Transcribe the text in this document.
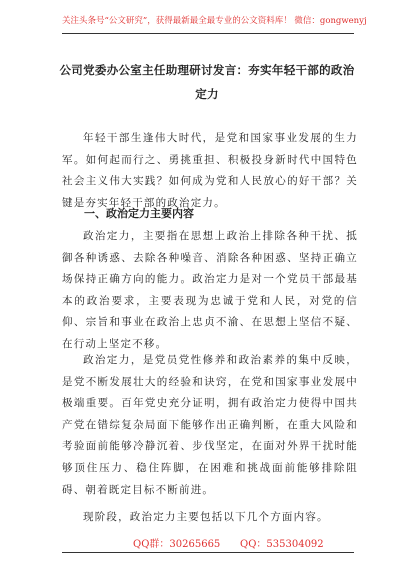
关注头条号“公文研究”，获得最新最全最专业的公文资料库！ 微信：gongwenyj
公司党委办公室主任助理研讨发言：夯实年轻干部的政治
定力
年轻干部生逢伟大时代，是党和国家事业发展的生力军。如何起而行之、勇挑重担、积极投身新时代中国特色社会主义伟大实践？如何成为党和人民放心的好干部？关键是夯实年轻干部的政治定力。
一、政治定力主要内容
政治定力，主要指在思想上政治上排除各种干扰、抵御各种诱惑、去除各种噪音、消除各种困惑、坚持正确立场保持正确方向的能力。政治定力是对一个党员干部最基本的政治要求，主要表现为忠诚于党和人民，对党的信仰、宗旨和事业在政治上忠贞不渝、在思想上坚信不疑、在行动上坚定不移。
政治定力，是党员党性修养和政治素养的集中反映，是党不断发展壮大的经验和诀窍，在党和国家事业发展中极端重要。百年党史充分证明，拥有政治定力使得中国共产党在错综复杂局面下能够作出正确判断，在重大风险和考验面前能够冷静沉着、步伐坚定，在面对外界干扰时能够顶住压力、稳住阵脚，在困难和挑战面前能够排除阻碍、朝着既定目标不断前进。
现阶段，政治定力主要包括以下几个方面内容。
QQ群：30265665 QQ：535304092
